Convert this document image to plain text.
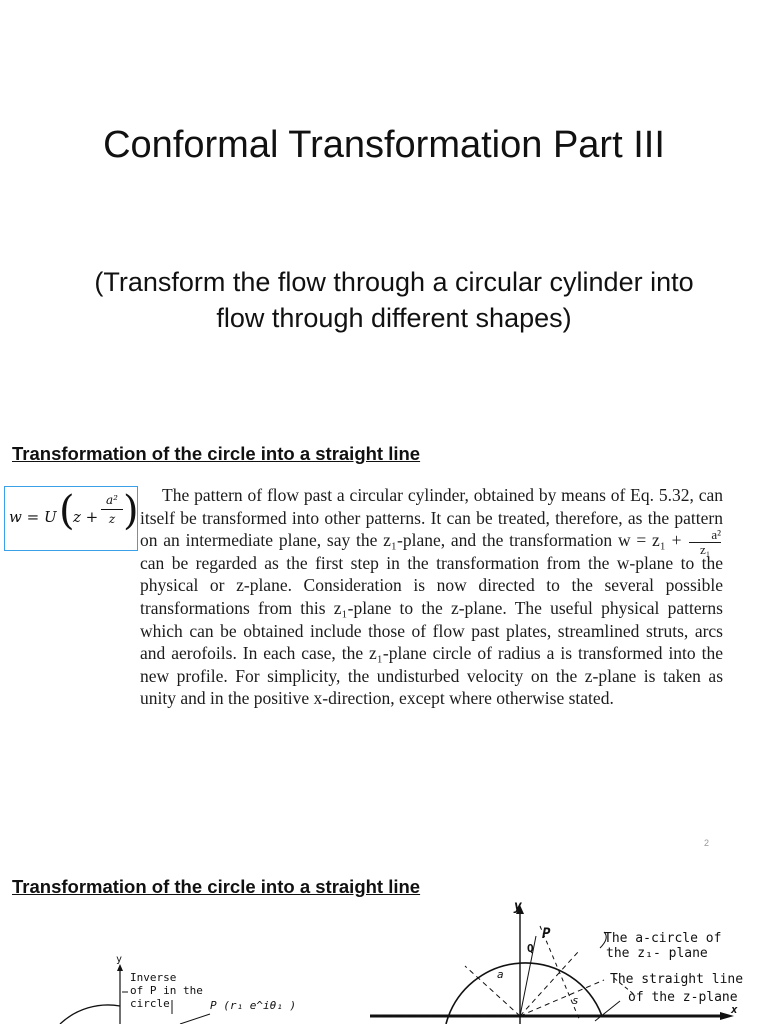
Conformal Transformation Part III
(Transform the flow through a circular cylinder into flow through different shapes)
Transformation of the circle into a straight line
w = U (
z +
a²
z )	The pattern of flow past a circular cylinder, obtained by means of Eq. 5.32, can itself be transformed into other patterns. It can be treated, therefore, as the pattern on an intermediate plane, say the z₁-plane, and the transformation w = z₁ + a²
z₁ can be regarded as the first step in the transformation from the w-plane to the physical or z-plane. Consideration is now directed to the several possible transformations from this z₁-plane to the z-plane. The useful physical patterns which can be obtained include those of flow past plates, streamlined struts, arcs and aerofoils. In each case, the z₁-plane circle of radius a is transformed into the new profile. For simplicity, the undisturbed velocity on the z-plane is taken as unity and in the positive x-direction, except where otherwise stated.

2
Transformation of the circle into a straight line
y
Inverse
of P in the
circle	P (r₁ e^iθ₁ )
y
x
P
Q
a
s
The a-circle of
the z₁- plane
The straight line
of the z-plane
